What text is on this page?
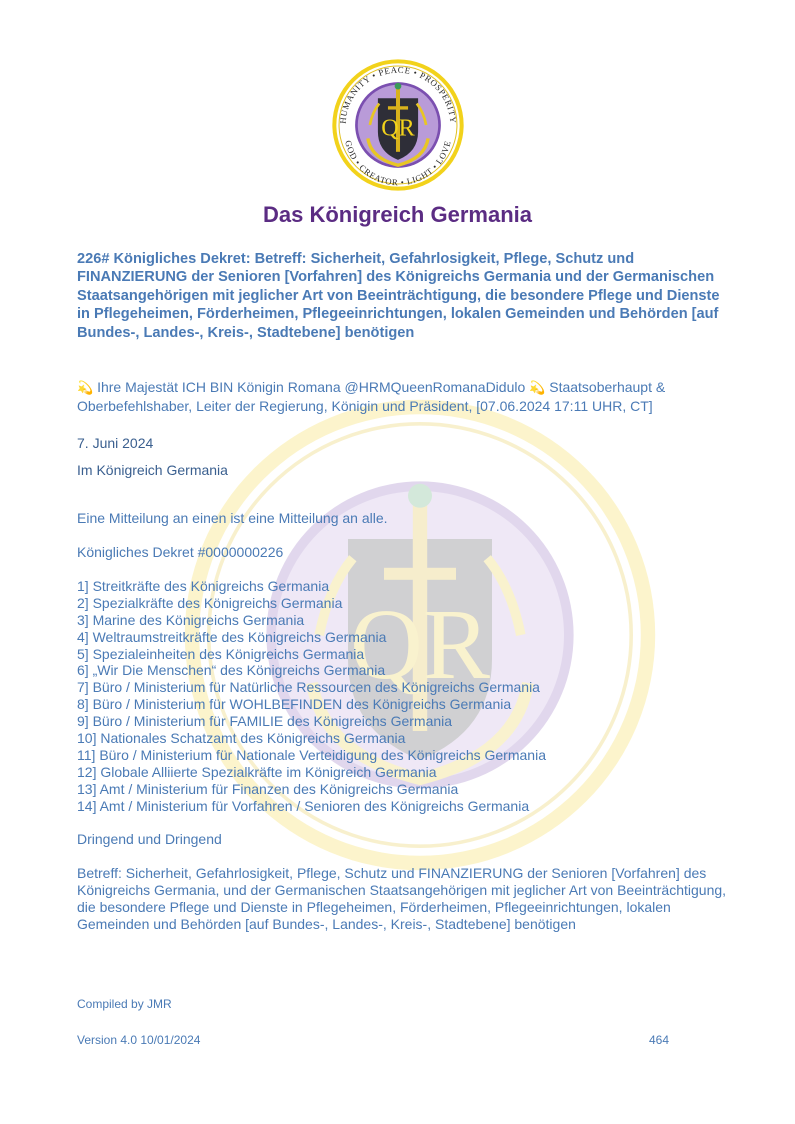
QR
HUMANITY • PEACE • PROSPERITY
GOD • CREATOR • LIGHT • LOVE
QR
Das Königreich Germania
226# Königliches Dekret: Betreff: Sicherheit, Gefahrlosigkeit, Pflege, Schutz und FINANZIERUNG der Senioren [Vorfahren] des Königreichs Germania und der Germanischen Staatsangehörigen mit jeglicher Art von Beeinträchtigung, die besondere Pflege und Dienste in Pflegeheimen, Förderheimen, Pflegeeinrichtungen, lokalen Gemeinden und Behörden [auf Bundes-, Landes-, Kreis-, Stadtebene] benötigen
💫 Ihre Majestät ICH BIN Königin Romana @HRMQueenRomanaDidulo 💫 Staatsoberhaupt & Oberbefehlshaber, Leiter der Regierung, Königin und Präsident, [07.06.2024 17:11 UHR, CT]
7. Juni 2024
Im Königreich Germania
Eine Mitteilung an einen ist eine Mitteilung an alle.
Königliches Dekret #0000000226
1] Streitkräfte des Königreichs Germania
2] Spezialkräfte des Königreichs Germania
3] Marine des Königreichs Germania
4] Weltraumstreitkräfte des Königreichs Germania
5] Spezialeinheiten des Königreichs Germania
6] „Wir Die Menschen“ des Königreichs Germania
7] Büro / Ministerium für Natürliche Ressourcen des Königreichs Germania
8] Büro / Ministerium für WOHLBEFINDEN des Königreichs Germania
9] Büro / Ministerium für FAMILIE des Königreichs Germania
10] Nationales Schatzamt des Königreichs Germania
11] Büro / Ministerium für Nationale Verteidigung des Königreichs Germania
12] Globale Alliierte Spezialkräfte im Königreich Germania
13] Amt / Ministerium für Finanzen des Königreichs Germania
14] Amt / Ministerium für Vorfahren / Senioren des Königreichs Germania
Dringend und Dringend
Betreff: Sicherheit, Gefahrlosigkeit, Pflege, Schutz und FINANZIERUNG der Senioren [Vorfahren] des Königreichs Germania, und der Germanischen Staatsangehörigen mit jeglicher Art von Beeinträchtigung, die besondere Pflege und Dienste in Pflegeheimen, Förderheimen, Pflegeeinrichtungen, lokalen Gemeinden und Behörden [auf Bundes-, Landes-, Kreis-, Stadtebene] benötigen
Compiled by JMR
Version 4.0 10/01/2024	464
